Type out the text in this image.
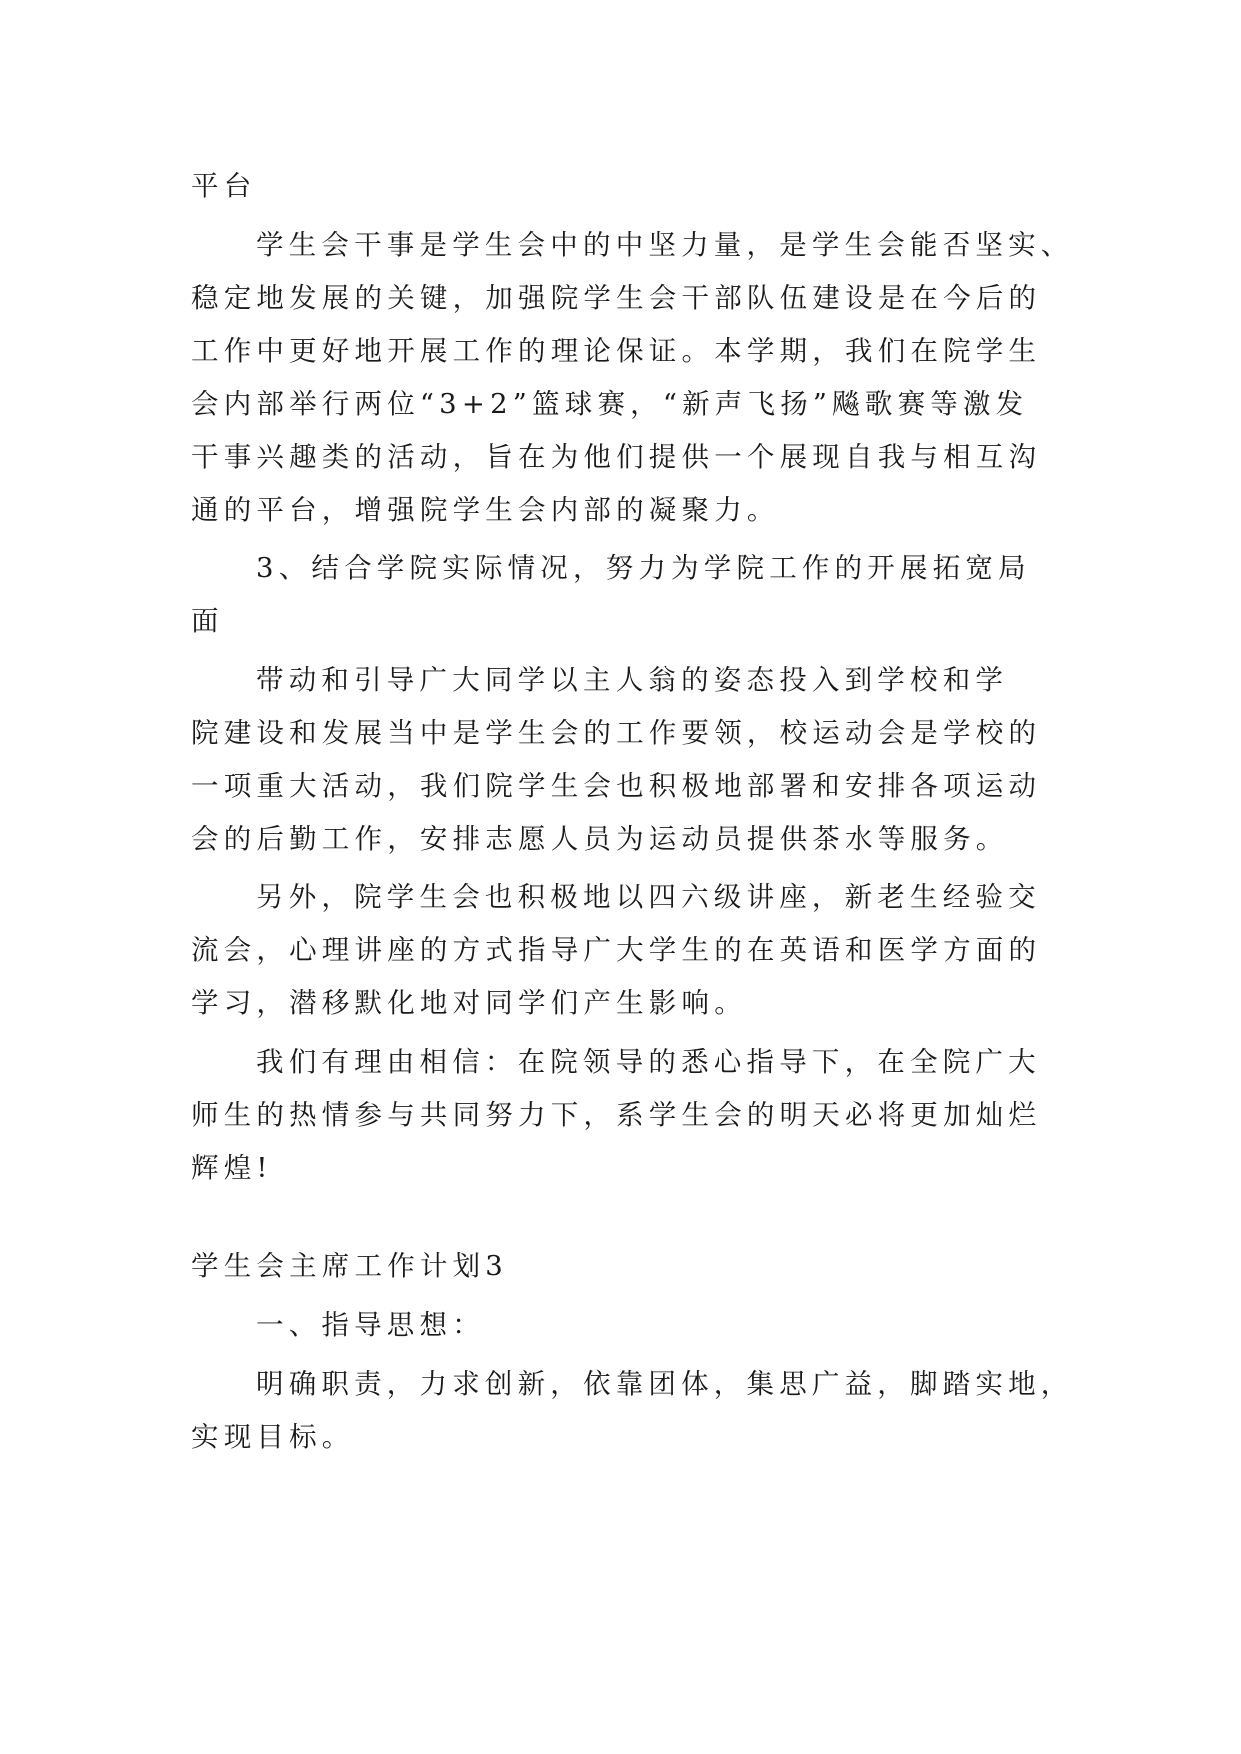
平台

学生会干事是学生会中的中坚力量，是学生会能否坚实、

稳定地发展的关键，加强院学生会干部队伍建设是在今后的

工作中更好地开展工作的理论保证。本学期，我们在院学生

会内部举行两位“3+2”篮球赛，“新声飞扬”飚歌赛等激发

干事兴趣类的活动，旨在为他们提供一个展现自我与相互沟

通的平台，增强院学生会内部的凝聚力。

3、结合学院实际情况，努力为学院工作的开展拓宽局

面

带动和引导广大同学以主人翁的姿态投入到学校和学

院建设和发展当中是学生会的工作要领，校运动会是学校的

一项重大活动，我们院学生会也积极地部署和安排各项运动

会的后勤工作，安排志愿人员为运动员提供茶水等服务。

另外，院学生会也积极地以四六级讲座，新老生经验交

流会，心理讲座的方式指导广大学生的在英语和医学方面的

学习，潜移默化地对同学们产生影响。

我们有理由相信：在院领导的悉心指导下，在全院广大

师生的热情参与共同努力下，系学生会的明天必将更加灿烂

辉煌!

学生会主席工作计划3

一、指导思想：

明确职责，力求创新，依靠团体，集思广益，脚踏实地，

实现目标。
